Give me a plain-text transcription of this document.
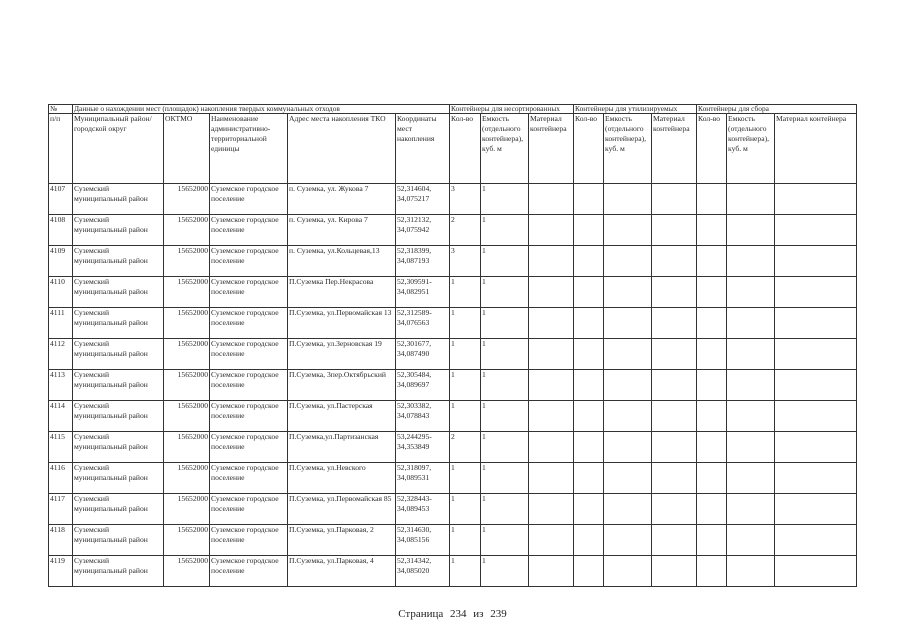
№	Данные о нахождении мест (площадок) накопления твердых коммунальных отходов					Контейнеры для несортированных			Контейнеры для утилизируемых			Контейнеры для сбора		
п/п	Муниципальный район/городской округ	ОКТМО	Наименование административно-территориальной единицы	Адрес места накопления ТКО	Координаты мест накопления	Кол-во	Емкость (отдельного контейнера), куб. м	Материал контейнера	Кол-во	Емкость (отдельного контейнера), куб. м	Материал контейнера	Кол-во	Емкость (отдельного контейнера), куб. м	Материал контейнера
4107	Суземский муниципальный район	15652000	Суземское городское поселение	п. Суземка, ул. Жукова 7	52,314604, 34,075217	3	1							
4108	Суземский муниципальный район	15652000	Суземское городское поселение	п. Суземка, ул. Кирова 7	52,312132, 34,075942	2	1							
4109	Суземский муниципальный район	15652000	Суземское городское поселение	п. Суземка, ул.Кольцевая,13	52,318399, 34,087193	3	1							
4110	Суземский муниципальный район	15652000	Суземское городское поселение	П.Суземка Пер.Некрасова	52,309591-34,082951	1	1							
4111	Суземский муниципальный район	15652000	Суземское городское поселение	П.Суземка, ул.Первомайская 13	52,312589-34,076563	1	1							
4112	Суземский муниципальный район	15652000	Суземское городское поселение	П.Суземка, ул.Зерновская 19	52,301677, 34,087490	1	1							
4113	Суземский муниципальный район	15652000	Суземское городское поселение	П.Суземка, 3пер.Октябрьский	52,305484, 34,089697	1	1							
4114	Суземский муниципальный район	15652000	Суземское городское поселение	П.Суземка, ул.Пастерская	52,303382, 34,078843	1	1							
4115	Суземский муниципальный район	15652000	Суземское городское поселение	П.Суземка,ул.Партизанская	53,244295-34,353849	2	1							
4116	Суземский муниципальный район	15652000	Суземское городское поселение	П.Суземка, ул.Невского	52,318097, 34,089531	1	1							
4117	Суземский муниципальный район	15652000	Суземское городское поселение	П.Суземка, ул.Первомайская 85	52,328443-34,089453	1	1							
4118	Суземский муниципальный район	15652000	Суземское городское поселение	П.Суземка, ул.Парковая, 2	52,314630, 34,085156	1	1							
4119	Суземский муниципальный район	15652000	Суземское городское поселение	П.Суземка, ул.Парковая, 4	52,314342, 34,085020	1	1							
Страница 234 из 239
